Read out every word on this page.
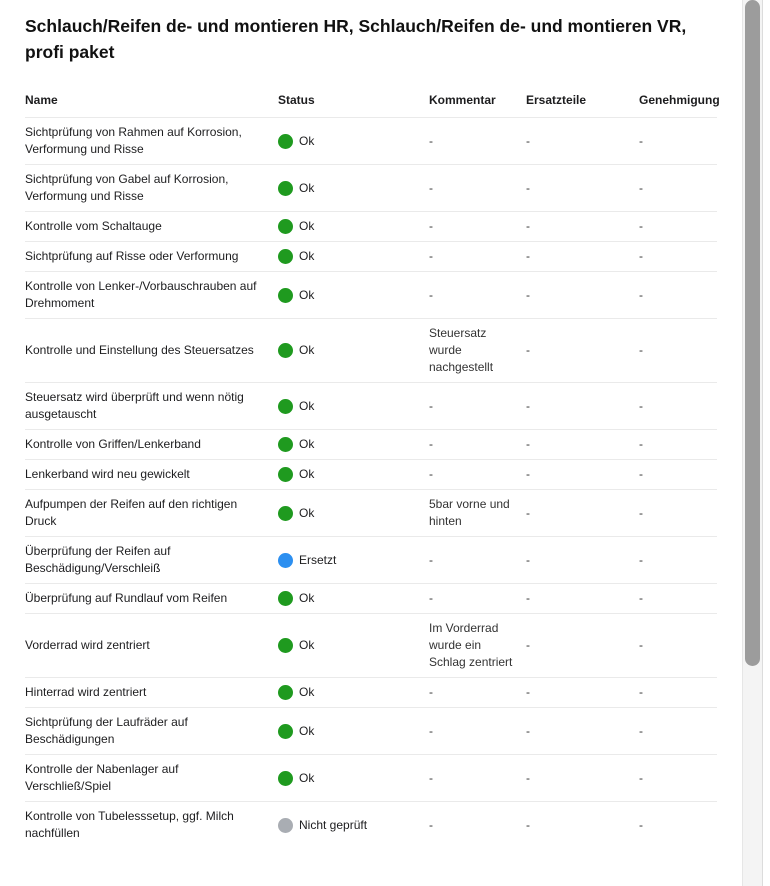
Schlauch/Reifen de- und montieren HR, Schlauch/Reifen de- und montieren VR, profi paket
Name	Status	Kommentar	Ersatzteile	Genehmigung
Sichtprüfung von Rahmen auf Korrosion, Verformung und Risse	Ok	-	-	-
Sichtprüfung von Gabel auf Korrosion, Verformung und Risse	Ok	-	-	-
Kontrolle vom Schaltauge	Ok	-	-	-
Sichtprüfung auf Risse oder Verformung	Ok	-	-	-
Kontrolle von Lenker-/Vorbauschrauben auf Drehmoment	Ok	-	-	-
Kontrolle und Einstellung des Steuersatzes	Ok	Steuersatz wurde nachgestellt	-	-
Steuersatz wird überprüft und wenn nötig ausgetauscht	Ok	-	-	-
Kontrolle von Griffen/Lenkerband	Ok	-	-	-
Lenkerband wird neu gewickelt	Ok	-	-	-
Aufpumpen der Reifen auf den richtigen Druck	Ok	5bar vorne und hinten	-	-
Überprüfung der Reifen auf Beschädigung/Verschleiß	Ersetzt	-	-	-
Überprüfung auf Rundlauf vom Reifen	Ok	-	-	-
Vorderrad wird zentriert	Ok	Im Vorderrad wurde ein Schlag zentriert	-	-
Hinterrad wird zentriert	Ok	-	-	-
Sichtprüfung der Laufräder auf Beschädigungen	Ok	-	-	-
Kontrolle der Nabenlager auf Verschließ/Spiel	Ok	-	-	-
Kontrolle von Tubelesssetup, ggf. Milch nachfüllen	Nicht geprüft	-	-	-
